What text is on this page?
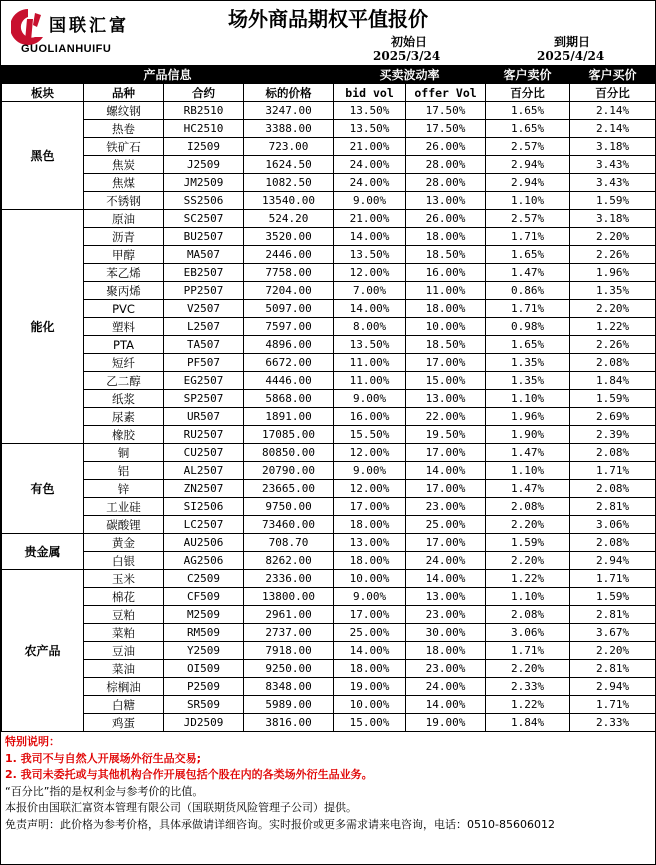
国联汇富
GUOLIANHUIFU
场外商品期权平值报价
初始日
2025/3/24
到期日
2025/4/24
产品信息				买卖波动率		客户卖价	客户买价
板块	品种	合约	标的价格	bid vol	offer Vol	百分比	百分比
黑色	螺纹钢	RB2510	3247.00	13.50%	17.50%	1.65%	2.14%
	热卷	HC2510	3388.00	13.50%	17.50%	1.65%	2.14%
	铁矿石	I2509	723.00	21.00%	26.00%	2.57%	3.18%
	焦炭	J2509	1624.50	24.00%	28.00%	2.94%	3.43%
	焦煤	JM2509	1082.50	24.00%	28.00%	2.94%	3.43%
	不锈钢	SS2506	13540.00	9.00%	13.00%	1.10%	1.59%
能化	原油	SC2507	524.20	21.00%	26.00%	2.57%	3.18%
	沥青	BU2507	3520.00	14.00%	18.00%	1.71%	2.20%
	甲醇	MA507	2446.00	13.50%	18.50%	1.65%	2.26%
	苯乙烯	EB2507	7758.00	12.00%	16.00%	1.47%	1.96%
	聚丙烯	PP2507	7204.00	7.00%	11.00%	0.86%	1.35%
	PVC	V2507	5097.00	14.00%	18.00%	1.71%	2.20%
	塑料	L2507	7597.00	8.00%	10.00%	0.98%	1.22%
	PTA	TA507	4896.00	13.50%	18.50%	1.65%	2.26%
	短纤	PF507	6672.00	11.00%	17.00%	1.35%	2.08%
	乙二醇	EG2507	4446.00	11.00%	15.00%	1.35%	1.84%
	纸浆	SP2507	5868.00	9.00%	13.00%	1.10%	1.59%
	尿素	UR507	1891.00	16.00%	22.00%	1.96%	2.69%
	橡胶	RU2507	17085.00	15.50%	19.50%	1.90%	2.39%
有色	铜	CU2507	80850.00	12.00%	17.00%	1.47%	2.08%
	铝	AL2507	20790.00	9.00%	14.00%	1.10%	1.71%
	锌	ZN2507	23665.00	12.00%	17.00%	1.47%	2.08%
	工业硅	SI2506	9750.00	17.00%	23.00%	2.08%	2.81%
	碳酸锂	LC2507	73460.00	18.00%	25.00%	2.20%	3.06%
贵金属	黄金	AU2506	708.70	13.00%	17.00%	1.59%	2.08%
	白银	AG2506	8262.00	18.00%	24.00%	2.20%	2.94%
农产品	玉米	C2509	2336.00	10.00%	14.00%	1.22%	1.71%
	棉花	CF509	13800.00	9.00%	13.00%	1.10%	1.59%
	豆粕	M2509	2961.00	17.00%	23.00%	2.08%	2.81%
	菜粕	RM509	2737.00	25.00%	30.00%	3.06%	3.67%
	豆油	Y2509	7918.00	14.00%	18.00%	1.71%	2.20%
	菜油	OI509	9250.00	18.00%	23.00%	2.20%	2.81%
	棕榈油	P2509	8348.00	19.00%	24.00%	2.33%	2.94%
	白糖	SR509	5989.00	10.00%	14.00%	1.22%	1.71%
	鸡蛋	JD2509	3816.00	15.00%	19.00%	1.84%	2.33%
特别说明：
1. 我司不与自然人开展场外衍生品交易;
2. 我司未委托或与其他机构合作开展包括个股在内的各类场外衍生品业务。
“百分比”指的是权利金与参考价的比值。
本报价由国联汇富资本管理有限公司（国联期货风险管理子公司）提供。
免责声明：此价格为参考价格，具体承做请详细咨询。实时报价或更多需求请来电咨询，电话：0510-85606012
